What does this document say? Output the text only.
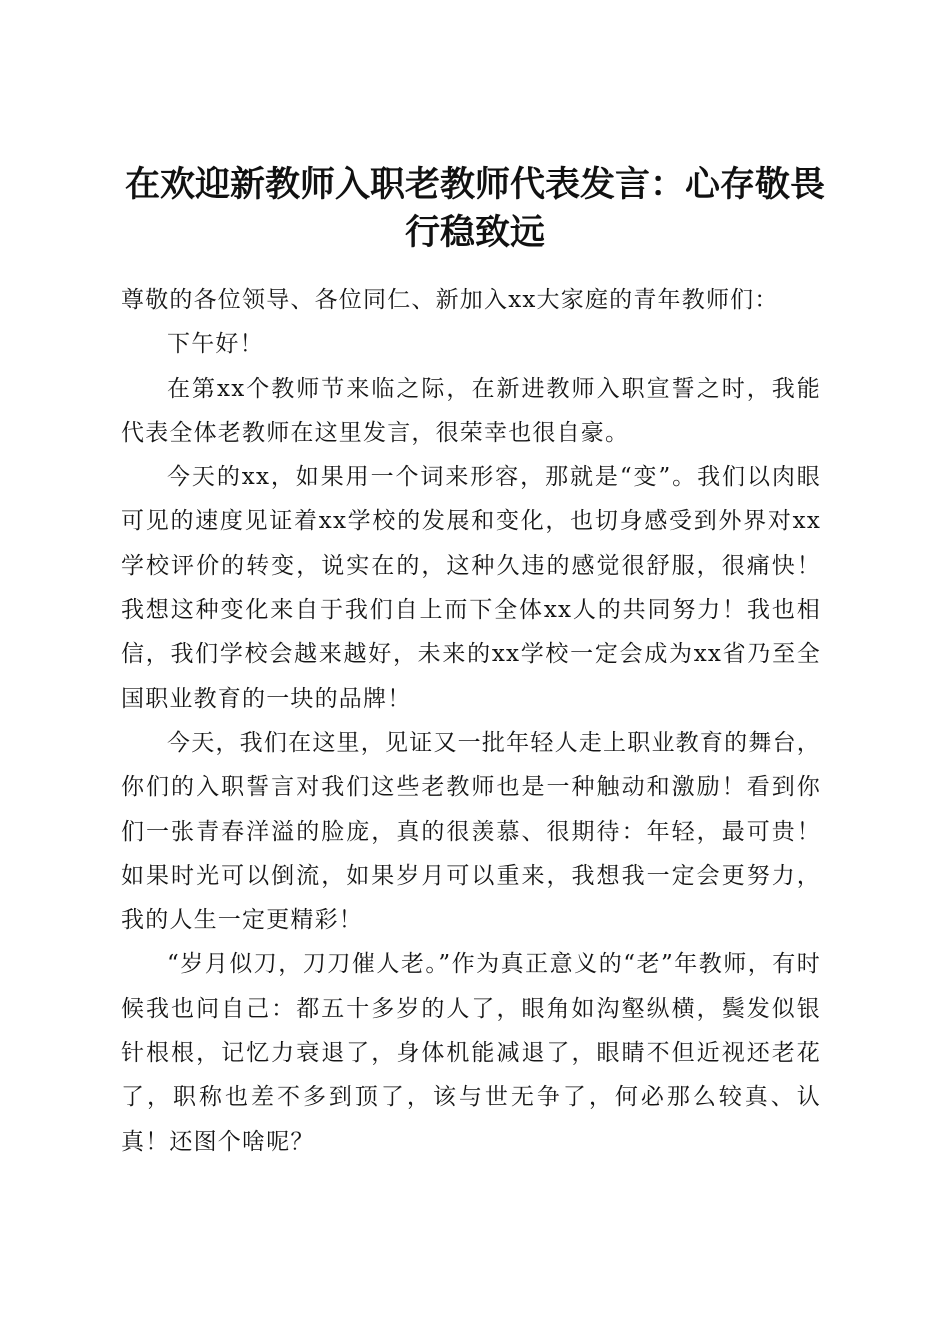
在欢迎新教师入职老教师代表发言：心存敬畏
行稳致远

尊敬的各位领导、各位同仁、新加入xx大家庭的青年教师们：

下午好！

在第xx个教师节来临之际，在新进教师入职宣誓之时，我能代表全体老教师在这里发言，很荣幸也很自豪。

今天的xx，如果用一个词来形容，那就是“变”。我们以肉眼可见的速度见证着xx学校的发展和变化，也切身感受到外界对xx学校评价的转变，说实在的，这种久违的感觉很舒服，很痛快！我想这种变化来自于我们自上而下全体xx人的共同努力！我也相信，我们学校会越来越好，未来的xx学校一定会成为xx省乃至全国职业教育的一块的品牌！

今天，我们在这里，见证又一批年轻人走上职业教育的舞台，你们的入职誓言对我们这些老教师也是一种触动和激励！看到你们一张青春洋溢的脸庞，真的很羡慕、很期待：年轻，最可贵！如果时光可以倒流，如果岁月可以重来，我想我一定会更努力，我的人生一定更精彩！

“岁月似刀，刀刀催人老。”作为真正意义的“老”年教师，有时候我也问自己：都五十多岁的人了，眼角如沟壑纵横，鬓发似银针根根，记忆力衰退了，身体机能减退了，眼睛不但近视还老花了，职称也差不多到顶了，该与世无争了，何必那么较真、认真！还图个啥呢？
